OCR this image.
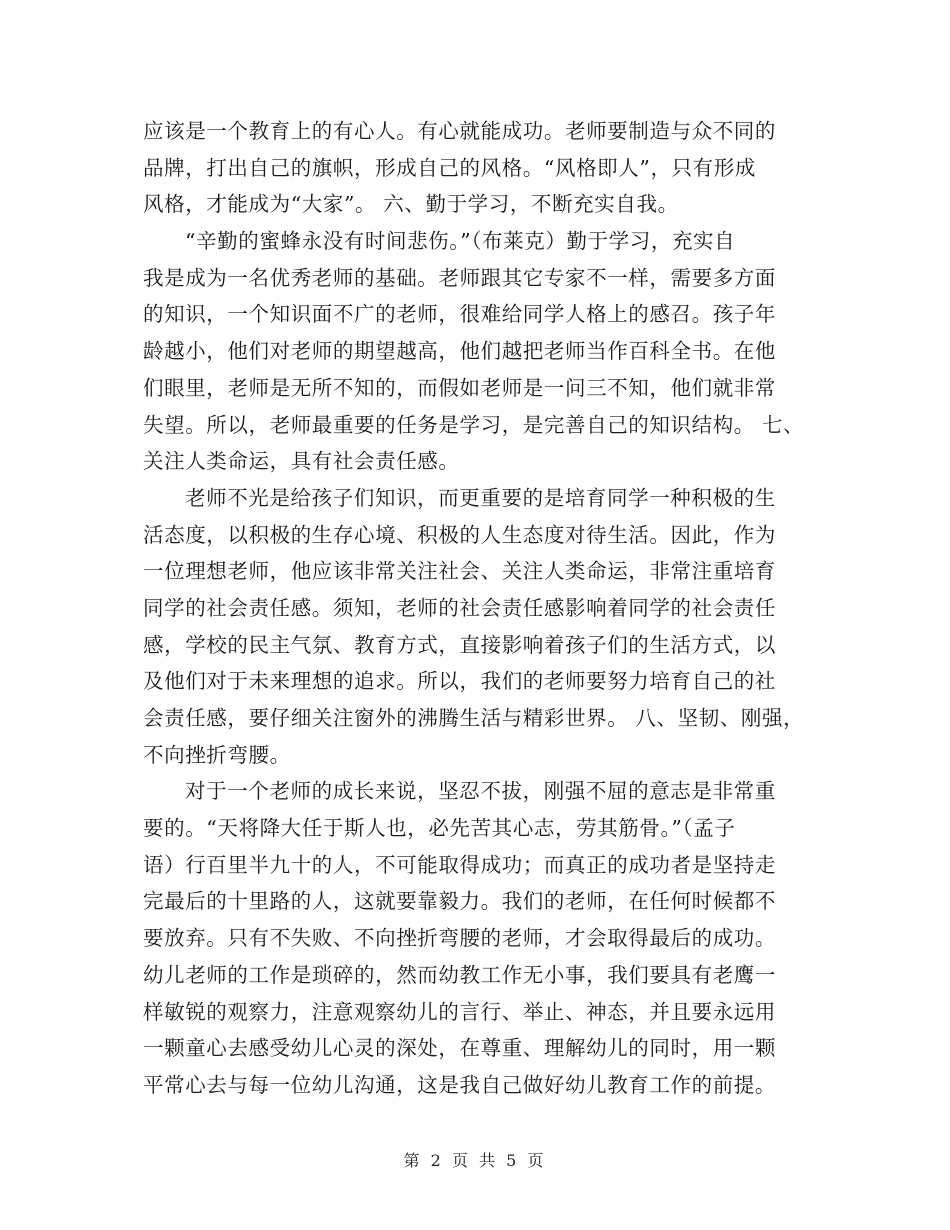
应该是一个教育上的有心人。有心就能成功。老师要制造与众不同的
品牌，打出自己的旗帜，形成自己的风格。“风格即人”，只有形成
风格，才能成为“大家”。 六、勤于学习，不断充实自我。
“辛勤的蜜蜂永没有时间悲伤。”（布莱克）勤于学习，充实自
我是成为一名优秀老师的基础。老师跟其它专家不一样，需要多方面
的知识，一个知识面不广的老师，很难给同学人格上的感召。孩子年
龄越小，他们对老师的期望越高，他们越把老师当作百科全书。在他
们眼里，老师是无所不知的，而假如老师是一问三不知，他们就非常
失望。所以，老师最重要的任务是学习，是完善自己的知识结构。 七、
关注人类命运，具有社会责任感。
老师不光是给孩子们知识，而更重要的是培育同学一种积极的生
活态度，以积极的生存心境、积极的人生态度对待生活。因此，作为
一位理想老师，他应该非常关注社会、关注人类命运，非常注重培育
同学的社会责任感。须知，老师的社会责任感影响着同学的社会责任
感，学校的民主气氛、教育方式，直接影响着孩子们的生活方式，以
及他们对于未来理想的追求。所以，我们的老师要努力培育自己的社
会责任感，要仔细关注窗外的沸腾生活与精彩世界。 八、坚韧、刚强，
不向挫折弯腰。
对于一个老师的成长来说，坚忍不拔，刚强不屈的意志是非常重
要的。“天将降大任于斯人也，必先苦其心志，劳其筋骨。”（孟子
语）行百里半九十的人，不可能取得成功；而真正的成功者是坚持走
完最后的十里路的人，这就要靠毅力。我们的老师，在任何时候都不
要放弃。只有不失败、不向挫折弯腰的老师，才会取得最后的成功。
幼儿老师的工作是琐碎的，然而幼教工作无小事，我们要具有老鹰一
样敏锐的观察力，注意观察幼儿的言行、举止、神态，并且要永远用
一颗童心去感受幼儿心灵的深处，在尊重、理解幼儿的同时，用一颗
平常心去与每一位幼儿沟通，这是我自己做好幼儿教育工作的前提。
第 2 页 共 5 页
